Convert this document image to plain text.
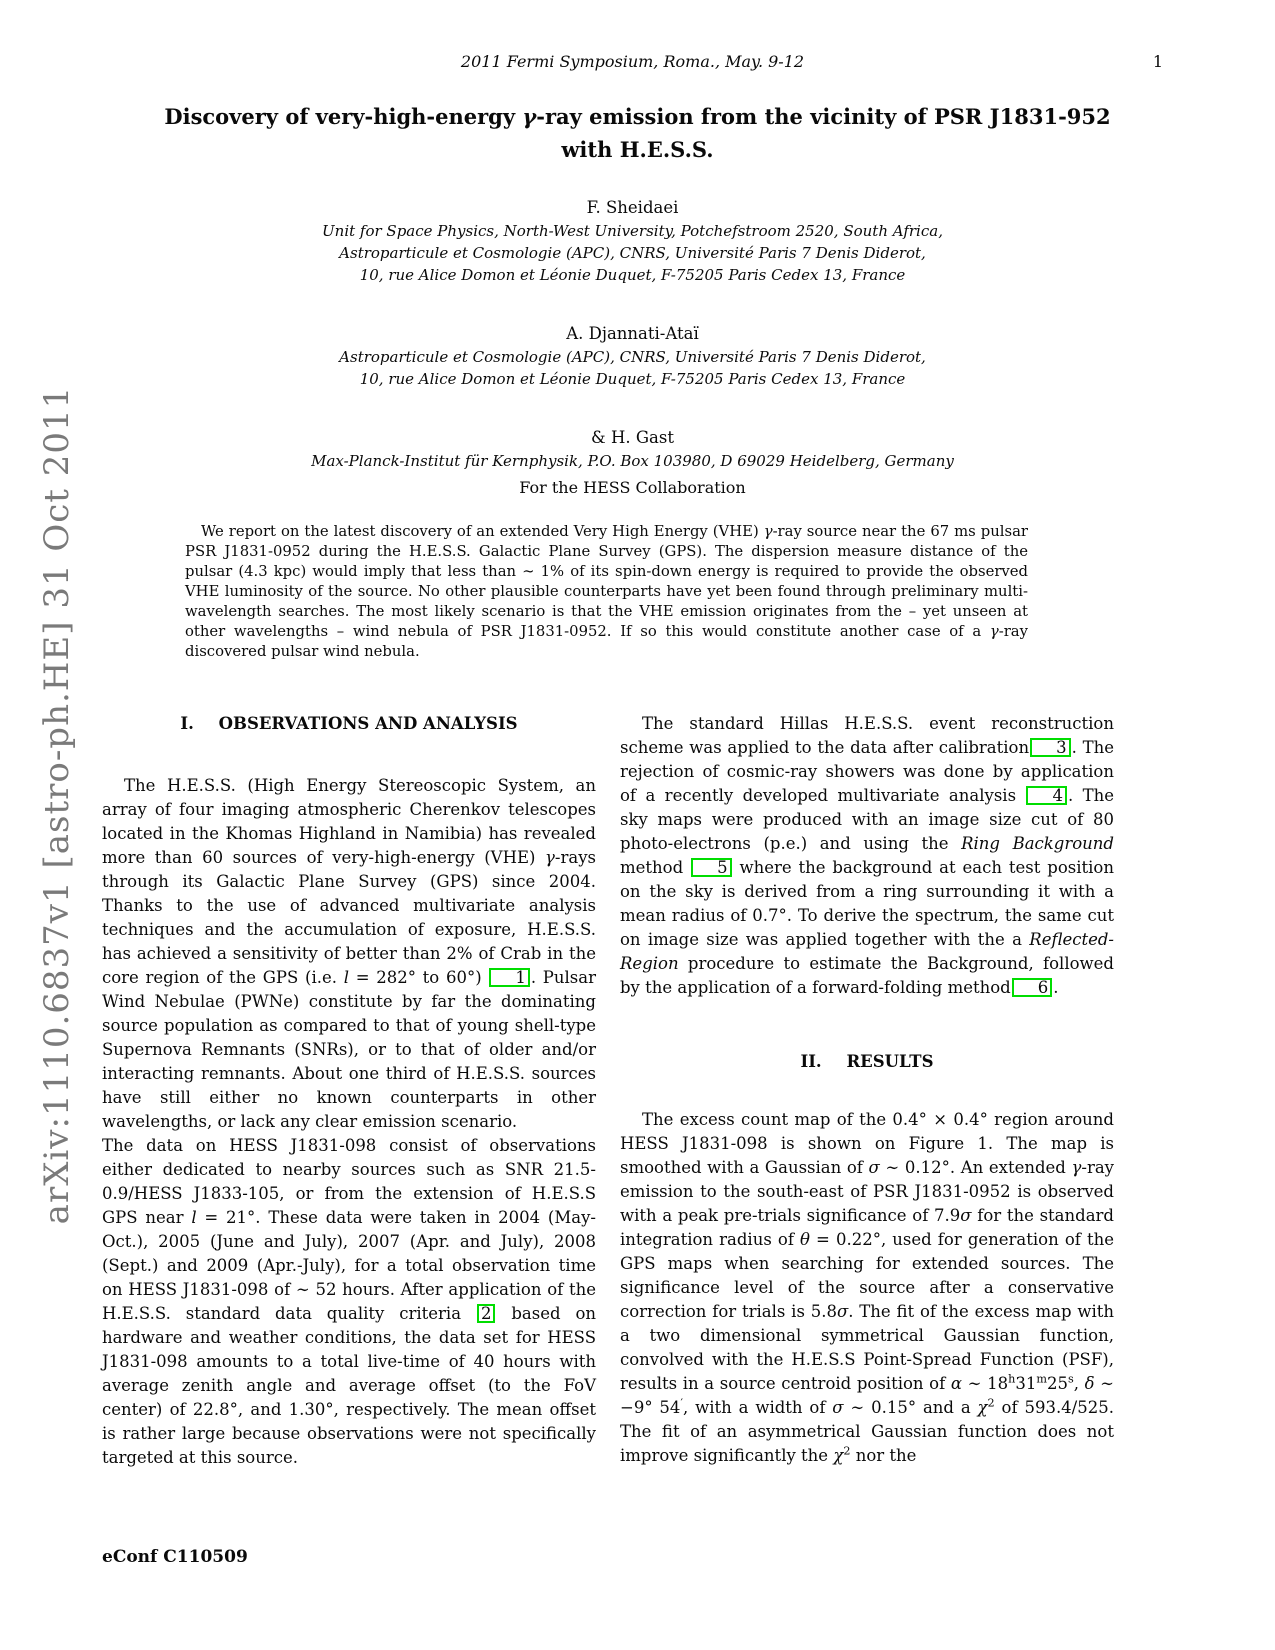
2011 Fermi Symposium, Roma., May. 9-12	1
arXiv:1110.6837v1 [astro-ph.HE] 31 Oct 2011
Discovery of very-high-energy γ-ray emission from the vicinity of PSR J1831-952 with H.E.S.S.
F. Sheidaei
Unit for Space Physics, North-West University, Potchefstroom 2520, South Africa,
Astroparticule et Cosmologie (APC), CNRS, Université Paris 7 Denis Diderot,
10, rue Alice Domon et Léonie Duquet, F-75205 Paris Cedex 13, France
A. Djannati-Ataï
Astroparticule et Cosmologie (APC), CNRS, Université Paris 7 Denis Diderot,
10, rue Alice Domon et Léonie Duquet, F-75205 Paris Cedex 13, France
& H. Gast
Max-Planck-Institut für Kernphysik, P.O. Box 103980, D 69029 Heidelberg, Germany
For the HESS Collaboration
We report on the latest discovery of an extended Very High Energy (VHE) γ-ray source near the 67 ms pulsar PSR J1831-0952 during the H.E.S.S. Galactic Plane Survey (GPS). The dispersion measure distance of the pulsar (4.3 kpc) would imply that less than ∼ 1% of its spin-down energy is required to provide the observed VHE luminosity of the source. No other plausible counterparts have yet been found through preliminary multi-wavelength searches. The most likely scenario is that the VHE emission originates from the – yet unseen at other wavelengths – wind nebula of PSR J1831-0952. If so this would constitute another case of a γ-ray discovered pulsar wind nebula.
I. OBSERVATIONS AND ANALYSIS

The H.E.S.S. (High Energy Stereoscopic System, an array of four imaging atmospheric Cherenkov telescopes located in the Khomas Highland in Namibia) has revealed more than 60 sources of very-high-energy (VHE) γ-rays through its Galactic Plane Survey (GPS) since 2004. Thanks to the use of advanced multivariate analysis techniques and the accumulation of exposure, H.E.S.S. has achieved a sensitivity of better than 2% of Crab in the core region of the GPS (i.e. l = 282° to 60°) 1 . Pulsar Wind Nebulae (PWNe) constitute by far the dominating source population as compared to that of young shell-type Supernova Remnants (SNRs), or to that of older and/or interacting remnants. About one third of H.E.S.S. sources have still either no known counterparts in other wavelengths, or lack any clear emission scenario.

The data on HESS J1831-098 consist of observations either dedicated to nearby sources such as SNR 21.5-0.9/HESS J1833-105, or from the extension of H.E.S.S GPS near l = 21°. These data were taken in 2004 (May-Oct.), 2005 (June and July), 2007 (Apr. and July), 2008 (Sept.) and 2009 (Apr.-July), for a total observation time on HESS J1831-098 of ∼ 52 hours. After application of the H.E.S.S. standard data quality criteria 2 based on hardware and weather conditions, the data set for HESS J1831-098 amounts to a total live-time of 40 hours with average zenith angle and average offset (to the FoV center) of 22.8°, and 1.30°, respectively. The mean offset is rather large because observations were not specifically targeted at this source.

The standard Hillas H.E.S.S. event reconstruction scheme was applied to the data after calibration 3 . The rejection of cosmic-ray showers was done by application of a recently developed multivariate analysis 4 . The sky maps were produced with an image size cut of 80 photo-electrons (p.e.) and using the Ring Background method 5 where the background at each test position on the sky is derived from a ring surrounding it with a mean radius of 0.7°. To derive the spectrum, the same cut on image size was applied together with the a Reflected-Region procedure to estimate the Background, followed by the application of a forward-folding method 6 .

II. RESULTS

The excess count map of the 0.4° × 0.4° region around HESS J1831-098 is shown on Figure 1. The map is smoothed with a Gaussian of σ ∼ 0.12°. An extended γ-ray emission to the south-east of PSR J1831-0952 is observed with a peak pre-trials significance of 7.9σ for the standard integration radius of θ = 0.22°, used for generation of the GPS maps when searching for extended sources. The significance level of the source after a conservative correction for trials is 5.8σ. The fit of the excess map with a two dimensional symmetrical Gaussian function, convolved with the H.E.S.S Point-Spread Function (PSF), results in a source centroid position of α ∼ 18$^h$31$^m$25$^s$, δ ∼ −9° 54′, with a width of σ ∼ 0.15° and a $\chi^2$ of 593.4/525. The fit of an asymmetrical Gaussian function does not improve significantly the $\chi^2$ nor the

eConf C110509
